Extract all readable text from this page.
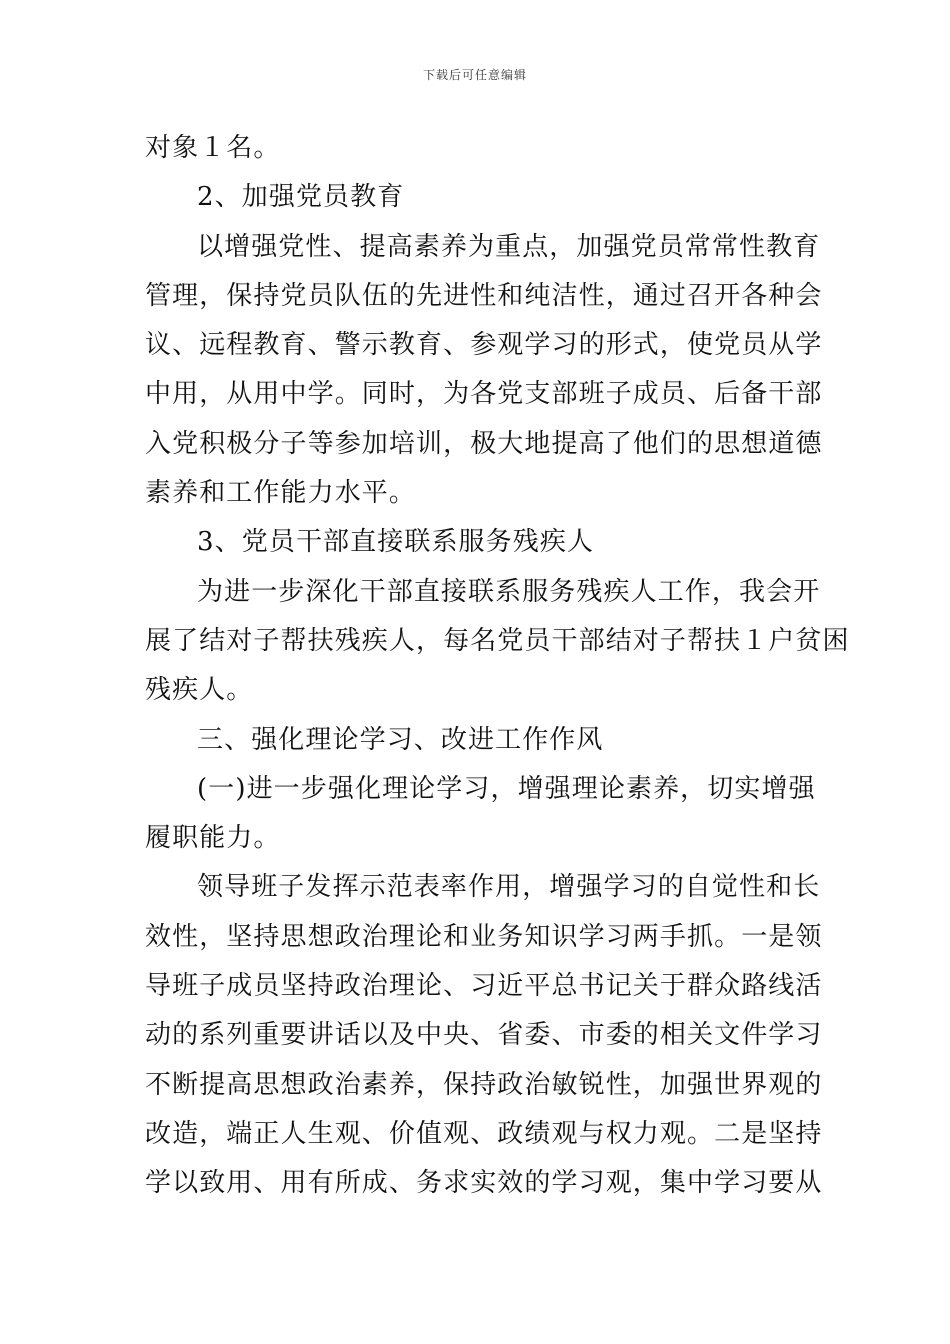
下载后可任意编辑
对象１名。
2、加强党员教育
以增强党性、提高素养为重点，加强党员常常性教育
管理，保持党员队伍的先进性和纯洁性，通过召开各种会
议、远程教育、警示教育、参观学习的形式，使党员从学
中用，从用中学。同时，为各党支部班子成员、后备干部
入党积极分子等参加培训，极大地提高了他们的思想道德
素养和工作能力水平。
3、党员干部直接联系服务残疾人
为进一步深化干部直接联系服务残疾人工作，我会开
展了结对子帮扶残疾人，每名党员干部结对子帮扶１户贫困
残疾人。
三、强化理论学习、改进工作作风
(一)进一步强化理论学习，增强理论素养，切实增强
履职能力。
领导班子发挥示范表率作用，增强学习的自觉性和长
效性，坚持思想政治理论和业务知识学习两手抓。一是领
导班子成员坚持政治理论、习近平总书记关于群众路线活
动的系列重要讲话以及中央、省委、市委的相关文件学习
不断提高思想政治素养，保持政治敏锐性，加强世界观的
改造，端正人生观、价值观、政绩观与权力观。二是坚持
学以致用、用有所成、务求实效的学习观，集中学习要从
